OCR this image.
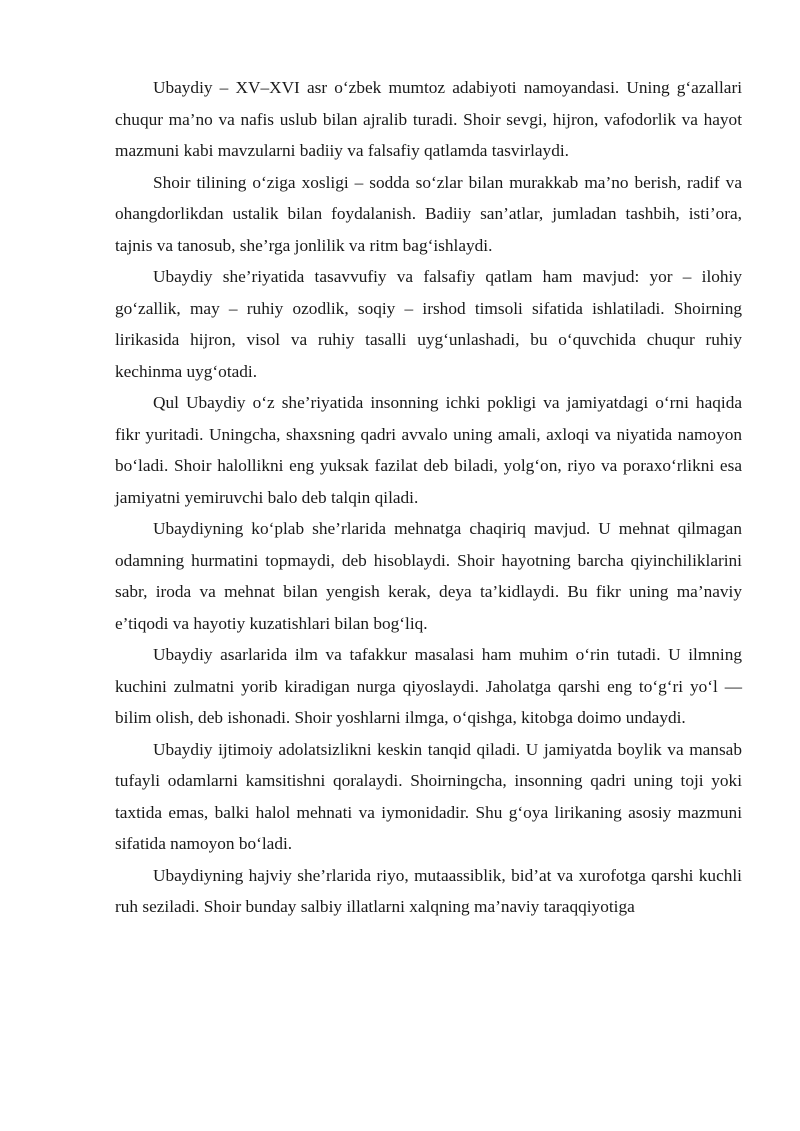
Ubaydiy – XV–XVI asr o‘zbek mumtoz adabiyoti namoyandasi. Uning g‘azallari chuqur ma’no va nafis uslub bilan ajralib turadi. Shoir sevgi, hijron, vafodorlik va hayot mazmuni kabi mavzularni badiiy va falsafiy qatlamda tasvirlaydi.

Shoir tilining o‘ziga xosligi – sodda so‘zlar bilan murakkab ma’no berish, radif va ohangdorlikdan ustalik bilan foydalanish. Badiiy san’atlar, jumladan tashbih, isti’ora, tajnis va tanosub, she’rga jonlilik va ritm bag‘ishlaydi.

Ubaydiy she’riyatida tasavvufiy va falsafiy qatlam ham mavjud: yor – ilohiy go‘zallik, may – ruhiy ozodlik, soqiy – irshod timsoli sifatida ishlatiladi. Shoirning lirikasida hijron, visol va ruhiy tasalli uyg‘unlashadi, bu o‘quvchida chuqur ruhiy kechinma uyg‘otadi.

Qul Ubaydiy o‘z she’riyatida insonning ichki pokligi va jamiyatdagi o‘rni haqida fikr yuritadi. Uningcha, shaxsning qadri avvalo uning amali, axloqi va niyatida namoyon bo‘ladi. Shoir halollikni eng yuksak fazilat deb biladi, yolg‘on, riyo va poraxo‘rlikni esa jamiyatni yemiruvchi balo deb talqin qiladi.

Ubaydiyning ko‘plab she’rlarida mehnatga chaqiriq mavjud. U mehnat qilmagan odamning hurmatini topmaydi, deb hisoblaydi. Shoir hayotning barcha qiyinchiliklarini sabr, iroda va mehnat bilan yengish kerak, deya ta’kidlaydi. Bu fikr uning ma’naviy e’tiqodi va hayotiy kuzatishlari bilan bog‘liq.

Ubaydiy asarlarida ilm va tafakkur masalasi ham muhim o‘rin tutadi. U ilmning kuchini zulmatni yorib kiradigan nurga qiyoslaydi. Jaholatga qarshi eng to‘g‘ri yo‘l — bilim olish, deb ishonadi. Shoir yoshlarni ilmga, o‘qishga, kitobga doimo undaydi.

Ubaydiy ijtimoiy adolatsizlikni keskin tanqid qiladi. U jamiyatda boylik va mansab tufayli odamlarni kamsitishni qoralaydi. Shoirningcha, insonning qadri uning toji yoki taxtida emas, balki halol mehnati va iymonidadir. Shu g‘oya lirikaning asosiy mazmuni sifatida namoyon bo‘ladi.

Ubaydiyning hajviy she’rlarida riyo, mutaassiblik, bid’at va xurofotga qarshi kuchli ruh seziladi. Shoir bunday salbiy illatlarni xalqning ma’naviy taraqqiyotiga
